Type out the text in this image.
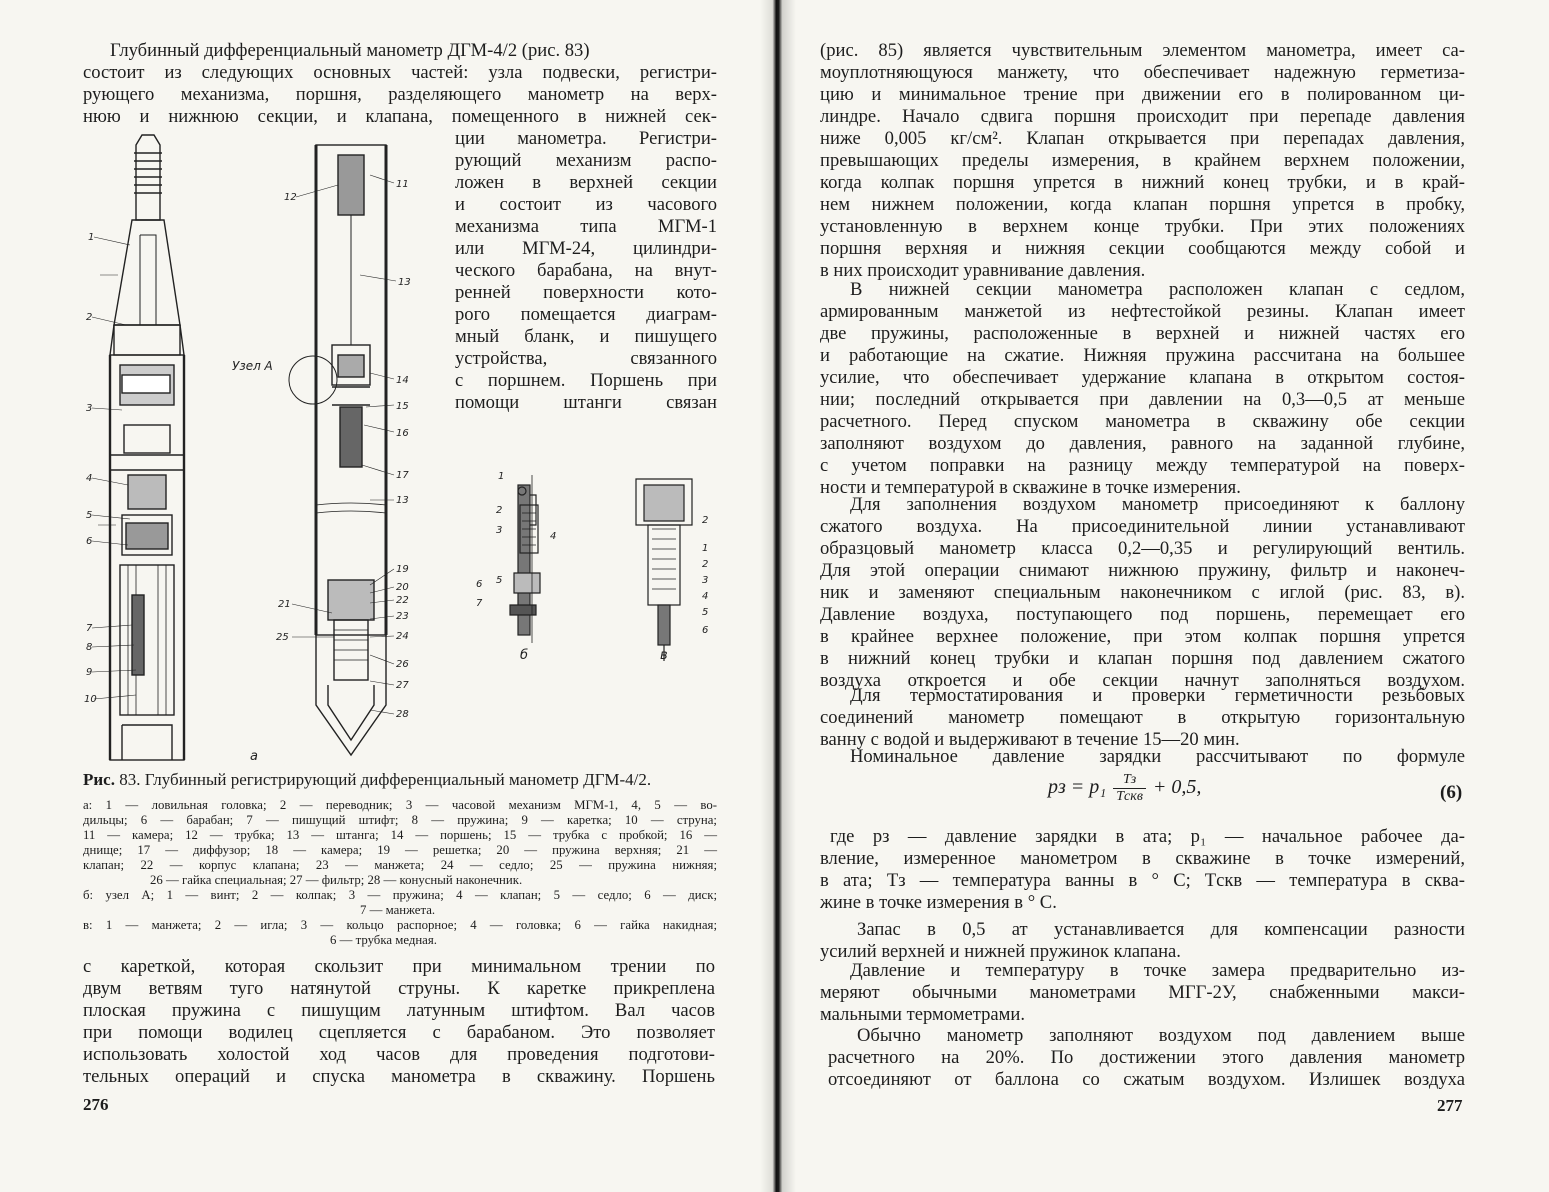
Глубинный дифференциальный манометр ДГМ-4/2 (рис. 83)
состоит из следующих основных частей: узла подвески, регистри-
рующего механизма, поршня, разделяющего манометр на верх-
нюю и нижнюю секции, и клапана, помещенного в нижней сек-
ции манометра. Регистри-
рующий механизм распо-
ложен в верхней секции
и состоит из часового
механизма типа МГМ-1
или МГМ-24, цилиндри-
ческого барабана, на внут-
ренней поверхности кото-
рого помещается диаграм-
мный бланк, и пишущего
устройства, связанного
с поршнем. Поршень при
помощи штанги связан
1
2
3
4
5
6
7
8
9
10
12
11
13
14
15
16
17
13
19
20
22
23
21
24
25
26
27
28
Узел А
а
1
2
3
4
5
6
7
2
1
2
3
4
5
6
б	в
Рис. 83. Глубинный регистрирующий дифференциальный манометр ДГМ-4/2.
а: 1 — ловильная головка; 2 — переводник; 3 — часовой механизм МГМ-1, 4, 5 — во-
дильцы; 6 — барабан; 7 — пишущий штифт; 8 — пружина; 9 — каретка; 10 — струна;
11 — камера; 12 — трубка; 13 — штанга; 14 — поршень; 15 — трубка с пробкой; 16 —
днище; 17 — диффузор; 18 — камера; 19 — решетка; 20 — пружина верхняя; 21 —
клапан; 22 — корпус клапана; 23 — манжета; 24 — седло; 25 — пружина нижняя;
26 — гайка специальная; 27 — фильтр; 28 — конусный наконечник.
б: узел А; 1 — винт; 2 — колпак; 3 — пружина; 4 — клапан; 5 — седло; 6 — диск;
7 — манжета.
в: 1 — манжета; 2 — игла; 3 — кольцо распорное; 4 — головка; 6 — гайка накидная;
6 — трубка медная.
с кареткой, которая скользит при минимальном трении по
двум ветвям туго натянутой струны. К каретке прикреплена
плоская пружина с пишущим латунным штифтом. Вал часов
при помощи водилец сцепляется с барабаном. Это позволяет
использовать холостой ход часов для проведения подготови-
тельных операций и спуска манометра в скважину. Поршень
276
(рис. 85) является чувствительным элементом манометра, имеет са-
моуплотняющуюся манжету, что обеспечивает надежную герметиза-
цию и минимальное трение при движении его в полированном ци-
линдре. Начало сдвига поршня происходит при перепаде давления
ниже 0,005 кг/см². Клапан открывается при перепадах давления,
превышающих пределы измерения, в крайнем верхнем положении,
когда колпак поршня упрется в нижний конец трубки, и в край-
нем нижнем положении, когда клапан поршня упрется в пробку,
установленную в верхнем конце трубки. При этих положениях
поршня верхняя и нижняя секции сообщаются между собой и
в них происходит уравнивание давления.
В нижней секции манометра расположен клапан с седлом,
армированным манжетой из нефтестойкой резины. Клапан имеет
две пружины, расположенные в верхней и нижней частях его
и работающие на сжатие. Нижняя пружина рассчитана на большее
усилие, что обеспечивает удержание клапана в открытом состоя-
нии; последний открывается при давлении на 0,3—0,5 ат меньше
расчетного. Перед спуском манометра в скважину обе секции
заполняют воздухом до давления, равного на заданной глубине,
с учетом поправки на разницу между температурой на поверх-
ности и температурой в скважине в точке измерения.
Для заполнения воздухом манометр присоединяют к баллону
сжатого воздуха. На присоединительной линии устанавливают
образцовый манометр класса 0,2—0,35 и регулирующий вентиль.
Для этой операции снимают нижнюю пружину, фильтр и наконеч-
ник и заменяют специальным наконечником с иглой (рис. 83, в).
Давление воздуха, поступающего под поршень, перемещает его
в крайнее верхнее положение, при этом колпак поршня упрется
в нижний конец трубки и клапан поршня под давлением сжатого
воздуха откроется и обе секции начнут заполняться воздухом.
Для термостатирования и проверки герметичности резьбовых
соединений манометр помещают в открытую горизонтальную
ванну с водой и выдерживают в течение 15—20 мин.
Номинальное давление зарядки рассчитывают по формуле
pз = $p_1 \frac{Tз}{\text{Tскв}} + 0,5$,	(6)
где pз — давление зарядки в ата; p₁ — начальное рабочее да-
вление, измеренное манометром в скважине в точке измерений,
в ата; Tз — температура ванны в ° C; Tскв — температура в сква-
жине в точке измерения в ° C.
Запас в 0,5 ат устанавливается для компенсации разности
усилий верхней и нижней пружинок клапана.
Давление и температуру в точке замера предварительно из-
меряют обычными манометрами МГГ-2У, снабженными макси-
мальными термометрами.
Обычно манометр заполняют воздухом под давлением выше
расчетного на 20%. По достижении этого давления манометр
отсоединяют от баллона со сжатым воздухом. Излишек воздуха
277
